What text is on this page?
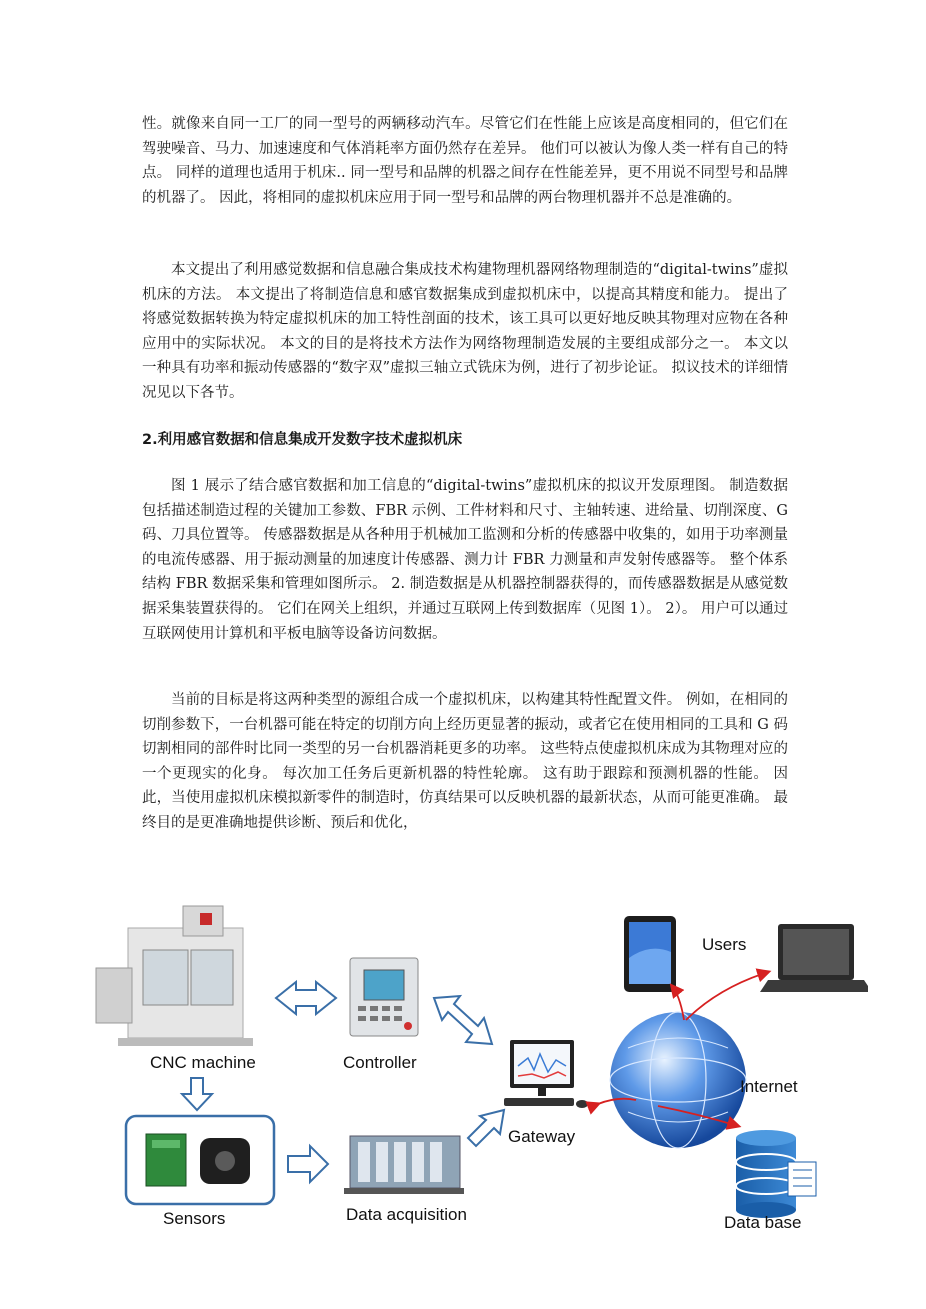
性。就像来自同一工厂的同一型号的两辆移动汽车。尽管它们在性能上应该是高度相同的，但它们在驾驶噪音、马力、加速速度和气体消耗率方面仍然存在差异。 他们可以被认为像人类一样有自己的特点。 同样的道理也适用于机床.. 同一型号和品牌的机器之间存在性能差异，更不用说不同型号和品牌的机器了。 因此，将相同的虚拟机床应用于同一型号和品牌的两台物理机器并不总是准确的。

本文提出了利用感觉数据和信息融合集成技术构建物理机器网络物理制造的“digital-twins”虚拟机床的方法。 本文提出了将制造信息和感官数据集成到虚拟机床中，以提高其精度和能力。 提出了将感觉数据转换为特定虚拟机床的加工特性剖面的技术，该工具可以更好地反映其物理对应物在各种应用中的实际状况。 本文的目的是将技术方法作为网络物理制造发展的主要组成部分之一。 本文以一种具有功率和振动传感器的“数字双”虚拟三轴立式铣床为例，进行了初步论证。 拟议技术的详细情况见以下各节。

2.利用感官数据和信息集成开发数字技术虚拟机床

图 1 展示了结合感官数据和加工信息的“digital-twins”虚拟机床的拟议开发原理图。 制造数据包括描述制造过程的关键加工参数、FBR 示例、工件材料和尺寸、主轴转速、进给量、切削深度、G 码、刀具位置等。 传感器数据是从各种用于机械加工监测和分析的传感器中收集的，如用于功率测量的电流传感器、用于振动测量的加速度计传感器、测力计 FBR 力测量和声发射传感器等。 整个体系结构 FBR 数据采集和管理如图所示。 2. 制造数据是从机器控制器获得的，而传感器数据是从感觉数据采集装置获得的。 它们在网关上组织，并通过互联网上传到数据库（见图 1）。 2）。 用户可以通过互联网使用计算机和平板电脑等设备访问数据。

当前的目标是将这两种类型的源组合成一个虚拟机床，以构建其特性配置文件。 例如，在相同的切削参数下，一台机器可能在特定的切削方向上经历更显著的振动，或者它在使用相同的工具和 G 码切割相同的部件时比同一类型的另一台机器消耗更多的功率。 这些特点使虚拟机床成为其物理对应的一个更现实的化身。 每次加工任务后更新机器的特性轮廓。 这有助于跟踪和预测机器的性能。 因此，当使用虚拟机床模拟新零件的制造时，仿真结果可以反映机器的最新状态，从而可能更准确。 最终目的是更准确地提供诊断、预后和优化，

CNC machine	Controller
Sensors	Data acquisition
Gateway
Internet
Users
Data base
